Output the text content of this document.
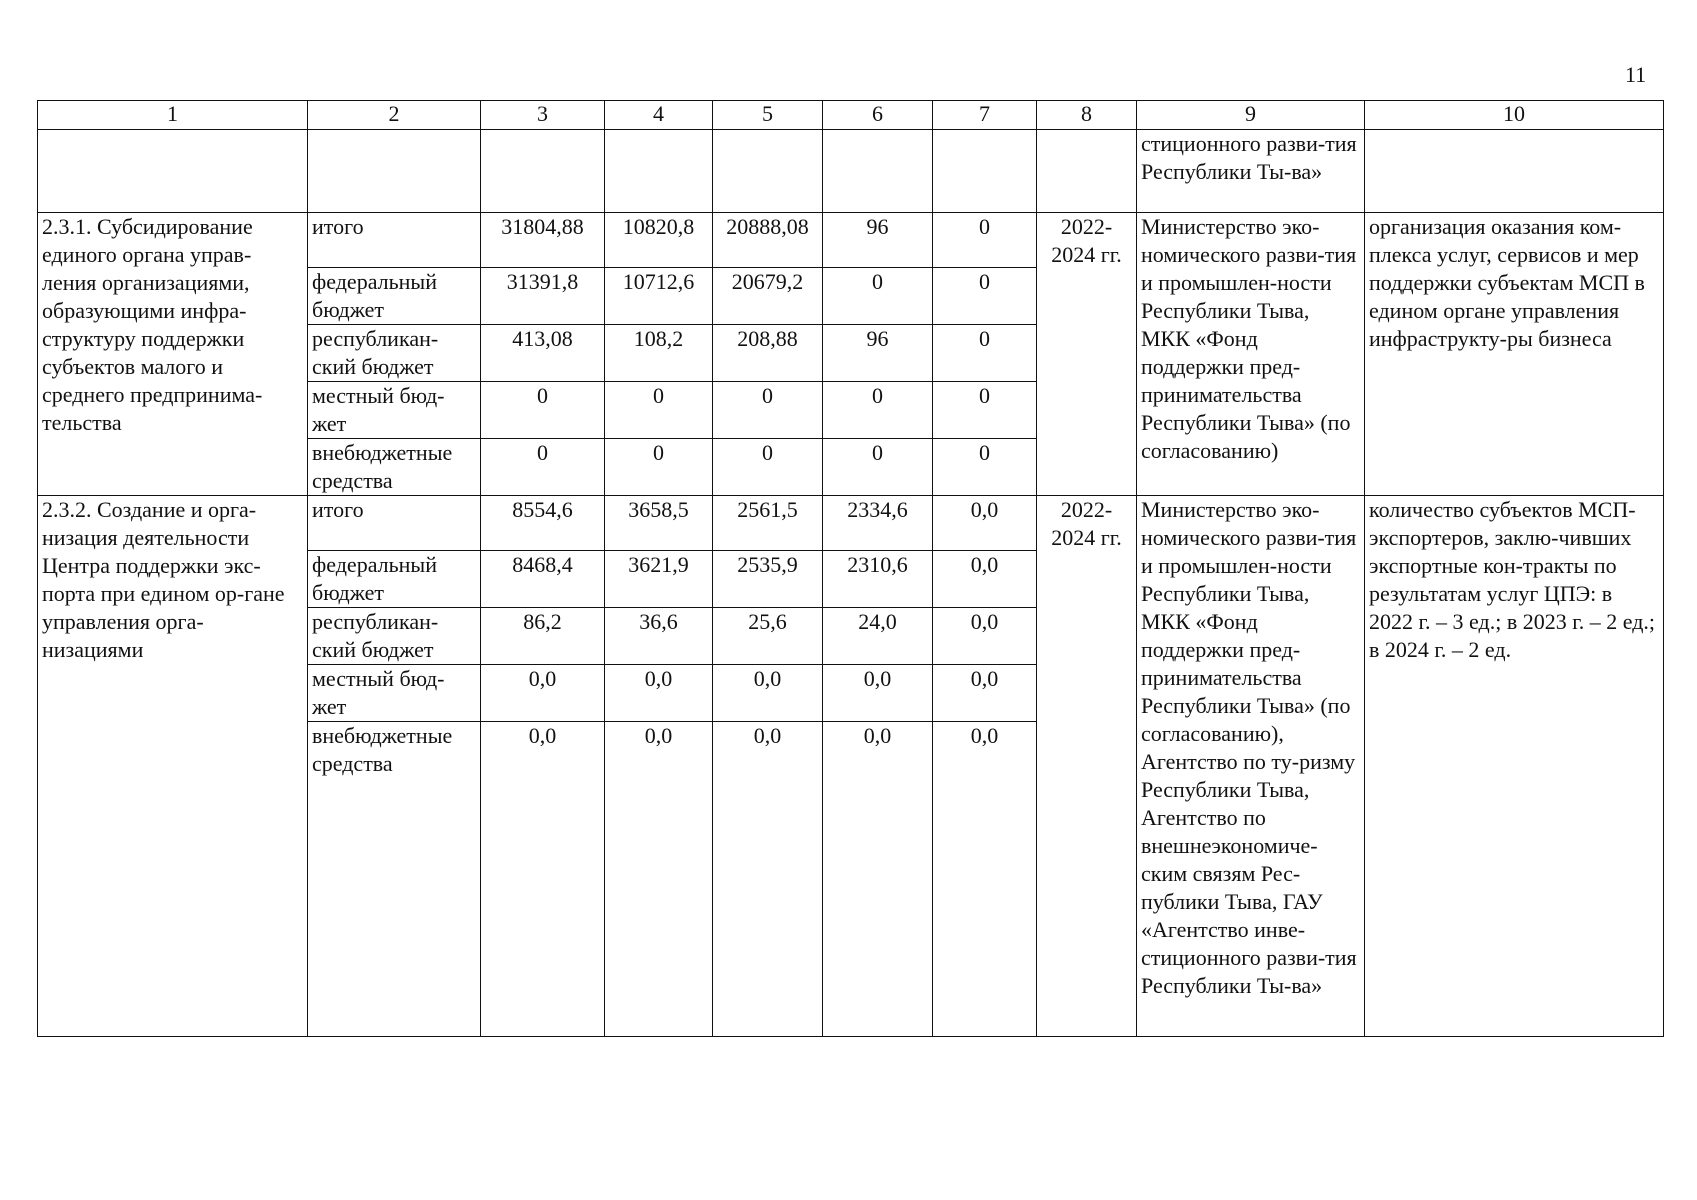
11
1	2	3	4	5	6	7	8	9	10
								стиционного разви-тия Республики Ты-ва»	
2.3.1. Субсидирование единого органа управ-ления организациями, образующими инфра-структуру поддержки субъектов малого и среднего предпринима-тельства	итого	31804,88	10820,8	20888,08	96	0	2022-2024 гг.	Министерство эко-номического разви-тия и промышлен-ности Республики Тыва, МКК «Фонд поддержки пред-принимательства Республики Тыва» (по согласованию)	организация оказания ком-плекса услуг, сервисов и мер поддержки субъектам МСП в едином органе управления инфраструкту-ры бизнеса
	федеральный бюджет	31391,8	10712,6	20679,2	0	0			
	республикан-ский бюджет	413,08	108,2	208,88	96	0			
	местный бюд-жет	0	0	0	0	0			
	внебюджетные средства	0	0	0	0	0			
2.3.2. Создание и орга-низация деятельности Центра поддержки экс-порта при едином ор-гане управления орга-низациями	итого	8554,6	3658,5	2561,5	2334,6	0,0	2022-2024 гг.	Министерство эко-номического разви-тия и промышлен-ности Республики Тыва, МКК «Фонд поддержки пред-принимательства Республики Тыва» (по согласованию), Агентство по ту-ризму Республики Тыва, Агентство по внешнеэкономиче-ским связям Рес-публики Тыва, ГАУ «Агентство инве-стиционного разви-тия Республики Ты-ва»	количество субъектов МСП-экспортеров, заклю-чивших экспортные кон-тракты по результатам услуг ЦПЭ: в 2022 г. – 3 ед.; в 2023 г. – 2 ед.; в 2024 г. – 2 ед.
	федеральный бюджет	8468,4	3621,9	2535,9	2310,6	0,0			
	республикан-ский бюджет	86,2	36,6	25,6	24,0	0,0			
	местный бюд-жет	0,0	0,0	0,0	0,0	0,0			
	внебюджетные средства	0,0	0,0	0,0	0,0	0,0			
